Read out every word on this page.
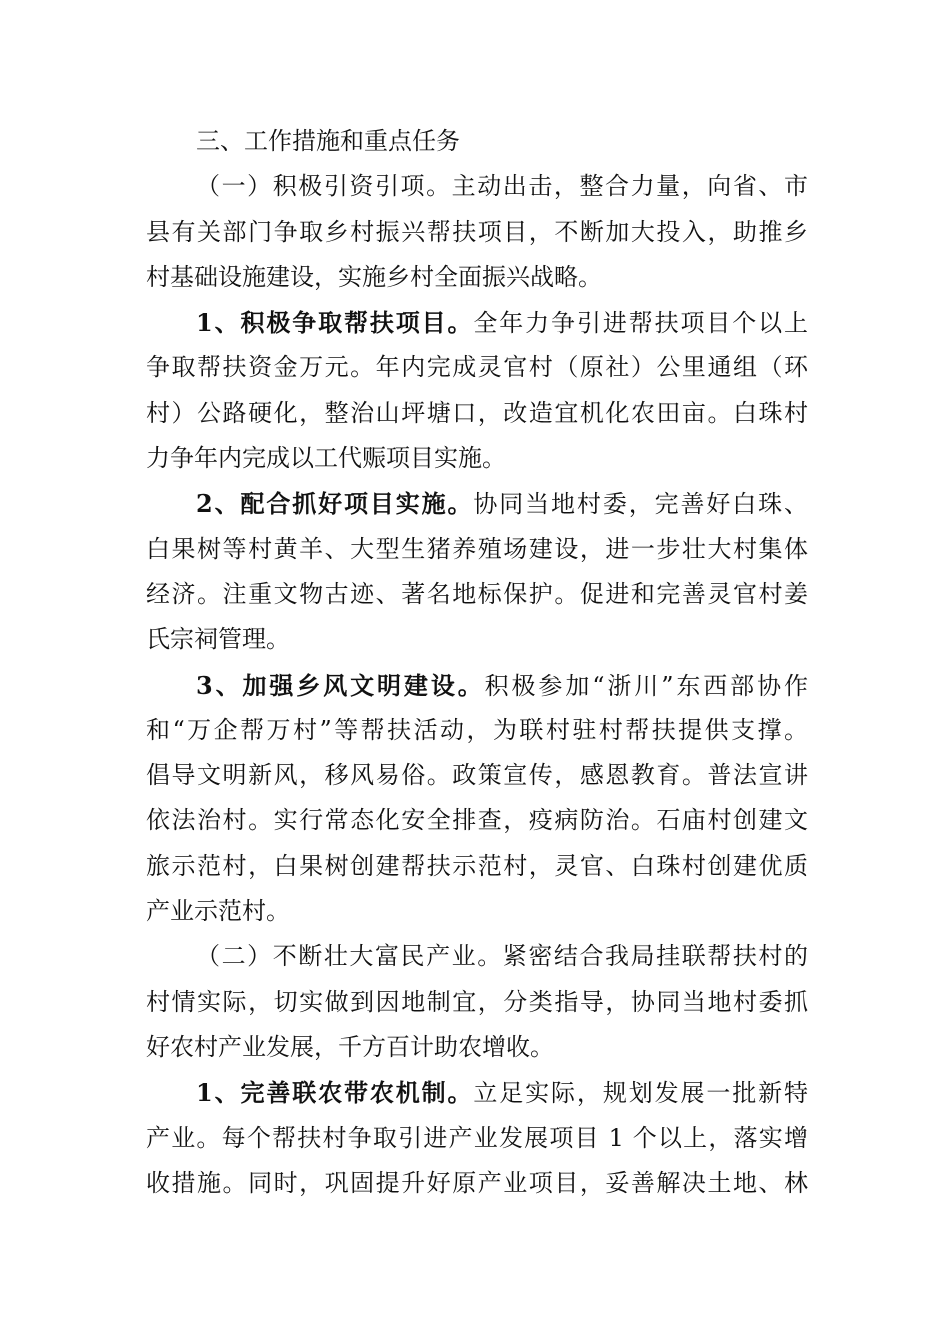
三、工作措施和重点任务
（一）积极引资引项。主动出击，整合力量，向省、市
县有关部门争取乡村振兴帮扶项目，不断加大投入，助推乡
村基础设施建设，实施乡村全面振兴战略。
1、积极争取帮扶项目。全年力争引进帮扶项目个以上
争取帮扶资金万元。年内完成灵官村（原社）公里通组（环
村）公路硬化，整治山坪塘口，改造宜机化农田亩。白珠村
力争年内完成以工代赈项目实施。
2、配合抓好项目实施。协同当地村委，完善好白珠、
白果树等村黄羊、大型生猪养殖场建设，进一步壮大村集体
经济。注重文物古迹、著名地标保护。促进和完善灵官村姜
氏宗祠管理。
3、加强乡风文明建设。积极参加“浙川”东西部协作
和“万企帮万村”等帮扶活动，为联村驻村帮扶提供支撑。
倡导文明新风，移风易俗。政策宣传，感恩教育。普法宣讲
依法治村。实行常态化安全排查，疫病防治。石庙村创建文
旅示范村，白果树创建帮扶示范村，灵官、白珠村创建优质
产业示范村。
（二）不断壮大富民产业。紧密结合我局挂联帮扶村的
村情实际，切实做到因地制宜，分类指导，协同当地村委抓
好农村产业发展，千方百计助农增收。
1、完善联农带农机制。立足实际，规划发展一批新特
产业。每个帮扶村争取引进产业发展项目 1 个以上，落实增
收措施。同时，巩固提升好原产业项目，妥善解决土地、林
